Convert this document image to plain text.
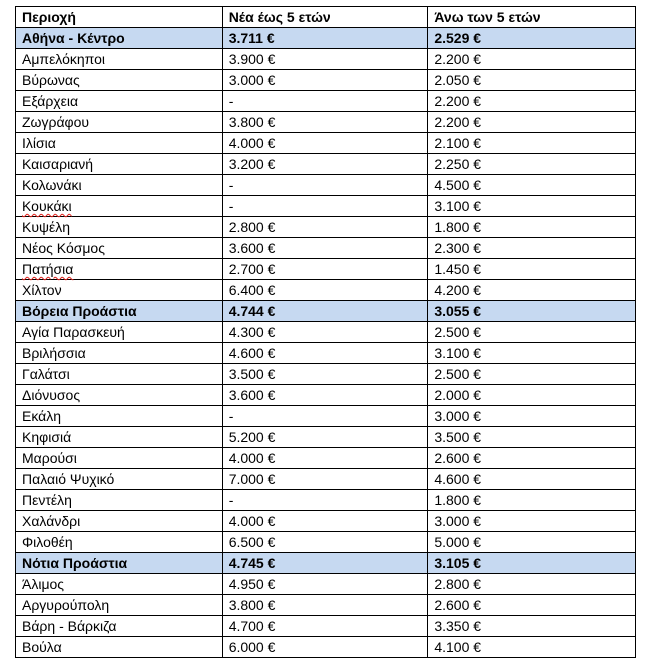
Περιοχή	Νέα έως 5 ετών	Άνω των 5 ετών
Αθήνα - Κέντρο	3.711 €	2.529 €
Αμπελόκηποι	3.900 €	2.200 €
Βύρωνας	3.000 €	2.050 €
Εξάρχεια	-	2.200 €
Ζωγράφου	3.800 €	2.200 €
Ιλίσια	4.000 €	2.100 €
Καισαριανή	3.200 €	2.250 €
Κολωνάκι	-	4.500 €
Κουκάκι	-	3.100 €
Κυψέλη	2.800 €	1.800 €
Νέος Κόσμος	3.600 €	2.300 €
Πατήσια	2.700 €	1.450 €
Χίλτον	6.400 €	4.200 €
Βόρεια Προάστια	4.744 €	3.055 €
Αγία Παρασκευή	4.300 €	2.500 €
Βριλήσσια	4.600 €	3.100 €
Γαλάτσι	3.500 €	2.500 €
Διόνυσος	3.600 €	2.000 €
Εκάλη	-	3.000 €
Κηφισιά	5.200 €	3.500 €
Μαρούσι	4.000 €	2.600 €
Παλαιό Ψυχικό	7.000 €	4.600 €
Πεντέλη	-	1.800 €
Χαλάνδρι	4.000 €	3.000 €
Φιλοθέη	6.500 €	5.000 €
Νότια Προάστια	4.745 €	3.105 €
Άλιμος	4.950 €	2.800 €
Αργυρούπολη	3.800 €	2.600 €
Βάρη - Βάρκιζα	4.700 €	3.350 €
Βούλα	6.000 €	4.100 €
